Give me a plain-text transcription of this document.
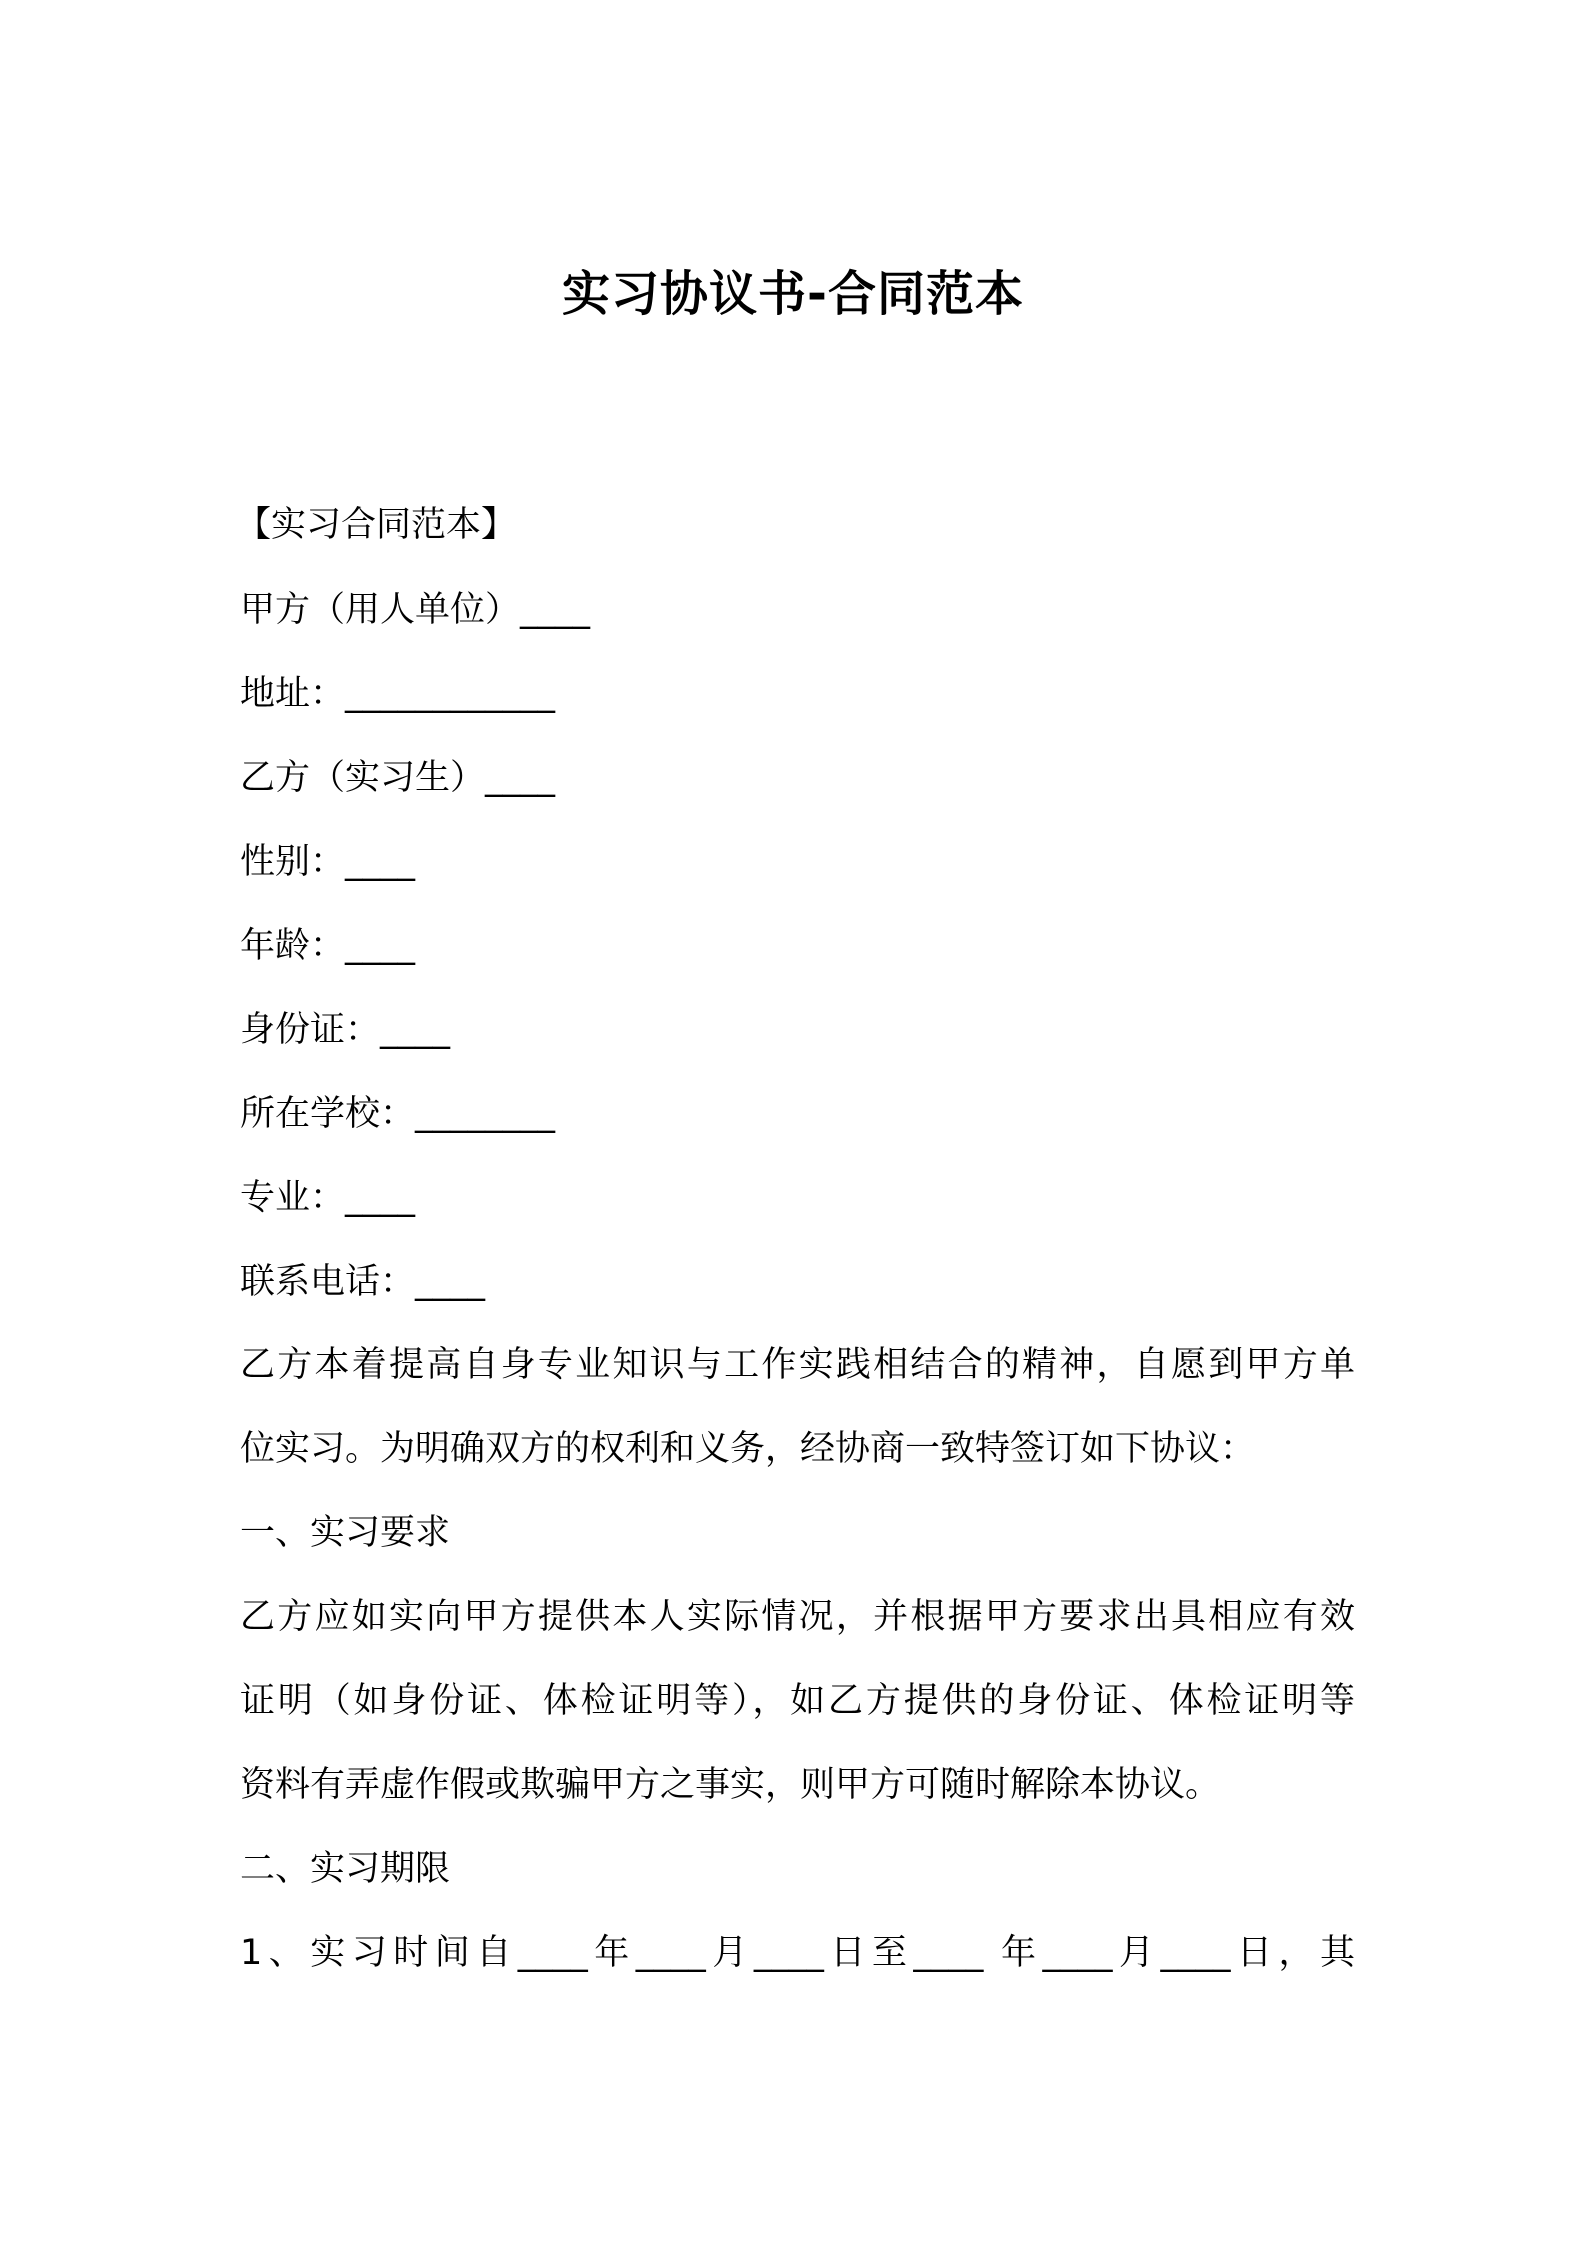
实习协议书-合同范本
【实习合同范本】
甲方（用人单位）____
地址：____________
乙方（实习生）____
性别：____
年龄：____
身份证：____
所在学校：________
专业：____
联系电话：____
乙方本着提高自身专业知识与工作实践相结合的精神，自愿到甲方单
位实习。为明确双方的权利和义务，经协商一致特签订如下协议：
一、实习要求
乙方应如实向甲方提供本人实际情况，并根据甲方要求出具相应有效
证明（如身份证、体检证明等），如乙方提供的身份证、体检证明等
资料有弄虚作假或欺骗甲方之事实，则甲方可随时解除本协议。
二、实习期限
1、实习时间自____年____月____日至____ 年____月____日，其
